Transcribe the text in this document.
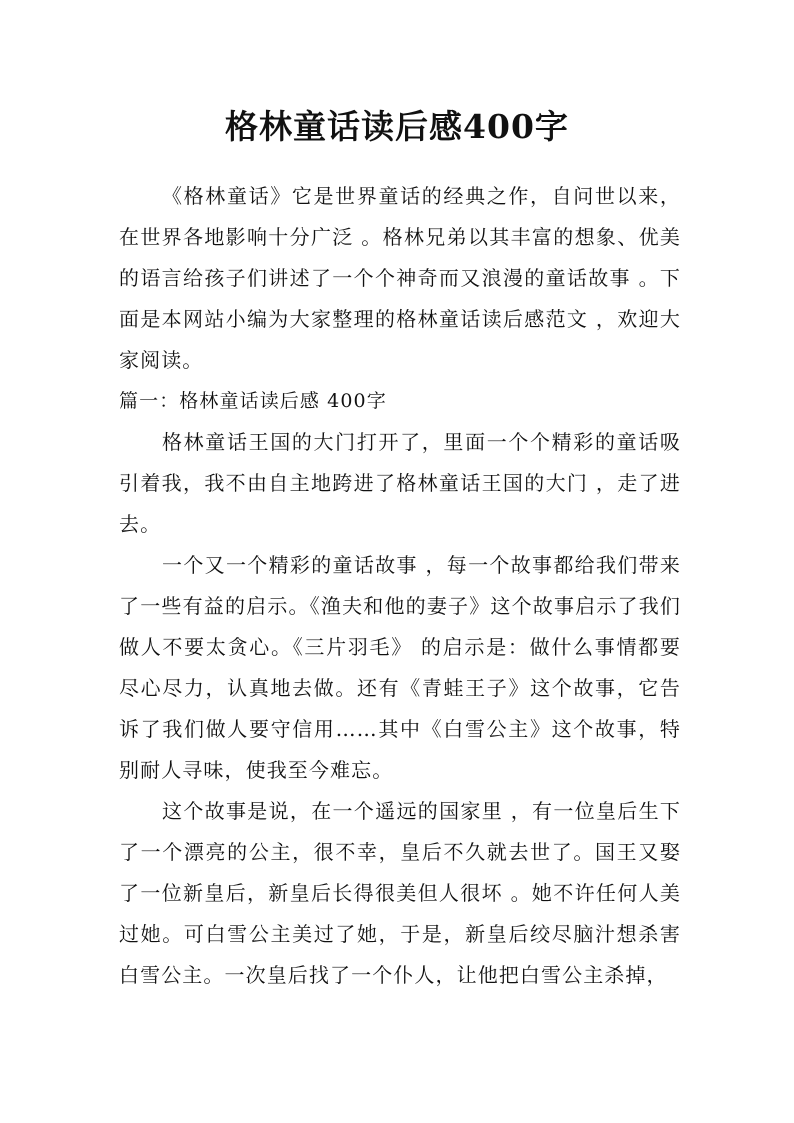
格林童话读后感400字

《格林童话》它是世界童话的经典之作，自问世以来，在世界各地影响十分广泛 。格林兄弟以其丰富的想象、优美的语言给孩子们讲述了一个个神奇而又浪漫的童话故事 。下面是本网站小编为大家整理的格林童话读后感范文 ，欢迎大家阅读。

篇一：格林童话读后感 400字

格林童话王国的大门打开了，里面一个个精彩的童话吸引着我，我不由自主地跨进了格林童话王国的大门 ，走了进去。

一个又一个精彩的童话故事 ，每一个故事都给我们带来了一些有益的启示。《渔夫和他的妻子》这个故事启示了我们做人不要太贪心。《三片羽毛》 的启示是：做什么事情都要尽心尽力，认真地去做。还有《青蛙王子》这个故事，它告诉了我们做人要守信用……其中《白雪公主》这个故事，特别耐人寻味，使我至今难忘。

这个故事是说，在一个遥远的国家里 ，有一位皇后生下了一个漂亮的公主，很不幸，皇后不久就去世了。国王又娶了一位新皇后，新皇后长得很美但人很坏 。她不许任何人美过她。可白雪公主美过了她，于是，新皇后绞尽脑汁想杀害白雪公主。一次皇后找了一个仆人，让他把白雪公主杀掉，
